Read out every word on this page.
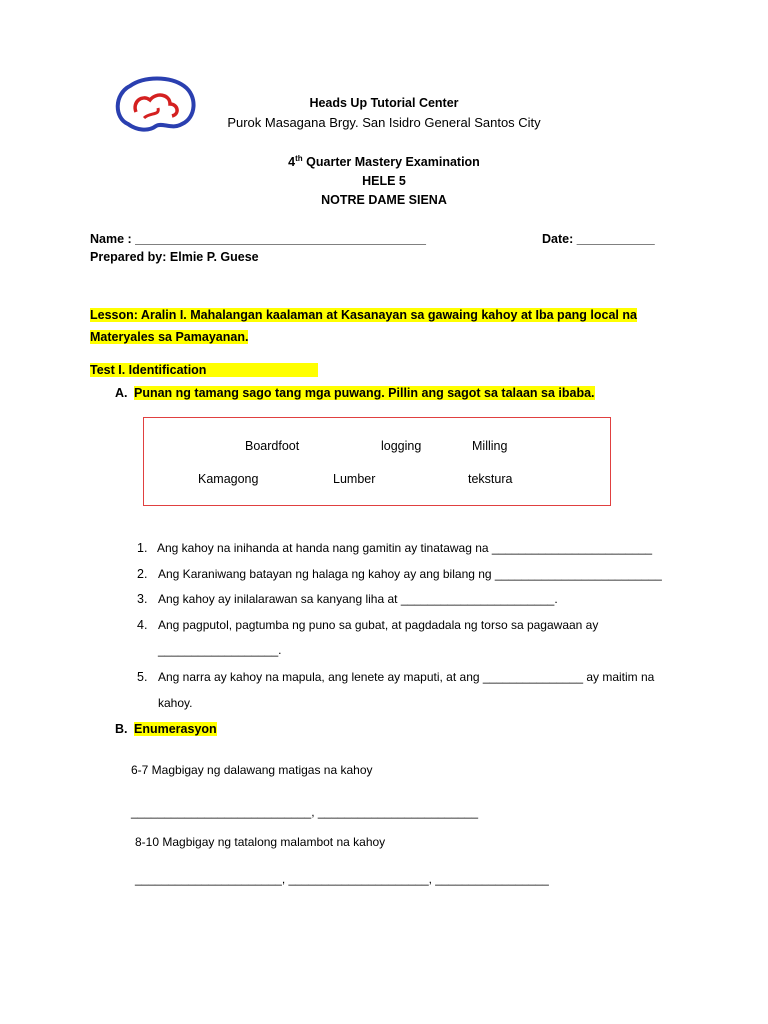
Heads Up Tutorial Center
Purok Masagana Brgy. San Isidro General Santos City
4th Quarter Mastery Examination
HELE 5
NOTRE DAME SIENA
Name : _____________________________________________	Date: ____________
Prepared by: Elmie P. Guese
Lesson: Aralin I. Mahalangan kaalaman at Kasanayan sa gawaing kahoy at Iba pang local na
Materyales sa Pamayanan.
Test I. Identification
A. Punan ng tamang sago tang mga puwang. Pillin ang sagot sa talaan sa ibaba.
Boardfoot	logging	Milling
Kamagong	Lumber	tekstura
1. Ang kahoy na inihanda at handa nang gamitin ay tinatawag na ________________________
2. Ang Karaniwang batayan ng halaga ng kahoy ay ang bilang ng _________________________
3. Ang kahoy ay inilalarawan sa kanyang liha at _______________________.
4. Ang pagputol, pagtumba ng puno sa gubat, at pagdadala ng torso sa pagawaan ay
__________________.
5. Ang narra ay kahoy na mapula, ang lenete ay maputi, at ang _______________ ay maitim na
kahoy.
B. Enumerasyon
6-7 Magbigay ng dalawang matigas na kahoy
___________________________, ________________________
8-10 Magbigay ng tatalong malambot na kahoy
______________________, _____________________, _________________
